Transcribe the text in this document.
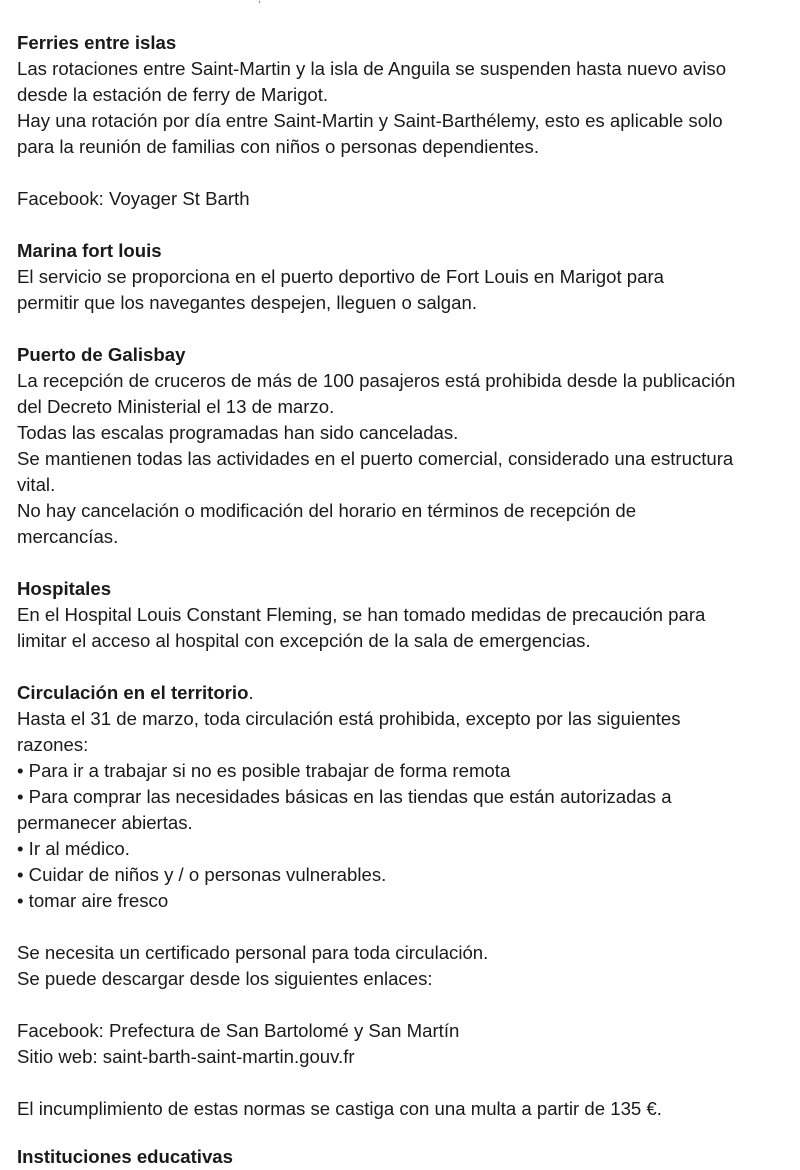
Ferries entre islas
Las rotaciones entre Saint-Martin y la isla de Anguila se suspenden hasta nuevo aviso
desde la estación de ferry de Marigot.
Hay una rotación por día entre Saint-Martin y Saint-Barthélemy, esto es aplicable solo
para la reunión de familias con niños o personas dependientes.
Facebook: Voyager St Barth
Marina fort louis
El servicio se proporciona en el puerto deportivo de Fort Louis en Marigot para
permitir que los navegantes despejen, lleguen o salgan.
Puerto de Galisbay
La recepción de cruceros de más de 100 pasajeros está prohibida desde la publicación
del Decreto Ministerial el 13 de marzo.
Todas las escalas programadas han sido canceladas.
Se mantienen todas las actividades en el puerto comercial, considerado una estructura
vital.
No hay cancelación o modificación del horario en términos de recepción de
mercancías.
Hospitales
En el Hospital Louis Constant Fleming, se han tomado medidas de precaución para
limitar el acceso al hospital con excepción de la sala de emergencias.
Circulación en el territorio.
Hasta el 31 de marzo, toda circulación está prohibida, excepto por las siguientes
razones:
• Para ir a trabajar si no es posible trabajar de forma remota
• Para comprar las necesidades básicas en las tiendas que están autorizadas a
permanecer abiertas.
• Ir al médico.
• Cuidar de niños y / o personas vulnerables.
• tomar aire fresco
Se necesita un certificado personal para toda circulación.
Se puede descargar desde los siguientes enlaces:
Facebook: Prefectura de San Bartolomé y San Martín
Sitio web: saint-barth-saint-martin.gouv.fr
El incumplimiento de estas normas se castiga con una multa a partir de 135 €.
Instituciones educativas
